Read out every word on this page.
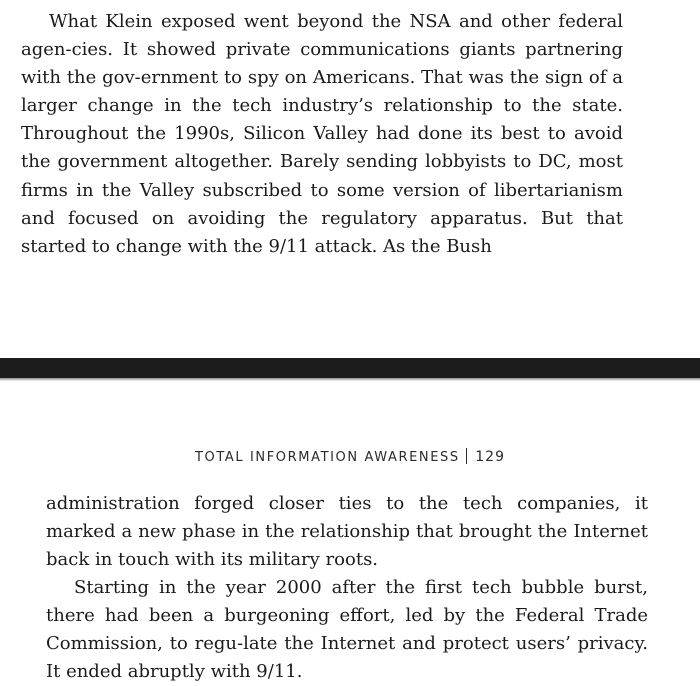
What Klein exposed went beyond the NSA and other federal agen-cies. It showed private communications giants partnering with the gov-ernment to spy on Americans. That was the sign of a larger change in the tech industry’s relationship to the state. Throughout the 1990s, Silicon Valley had done its best to avoid the government altogether. Barely sending lobbyists to DC, most firms in the Valley subscribed to some version of libertarianism and focused on avoiding the regulatory apparatus. But that started to change with the 9/11 attack. As the Bush

TOTAL INFORMATION AWARENESS 129

administration forged closer ties to the tech companies, it marked a new phase in the relationship that brought the Internet back in touch with its military roots.

Starting in the year 2000 after the first tech bubble burst, there had been a burgeoning effort, led by the Federal Trade Commission, to regu-late the Internet and protect users’ privacy. It ended abruptly with 9/11.
